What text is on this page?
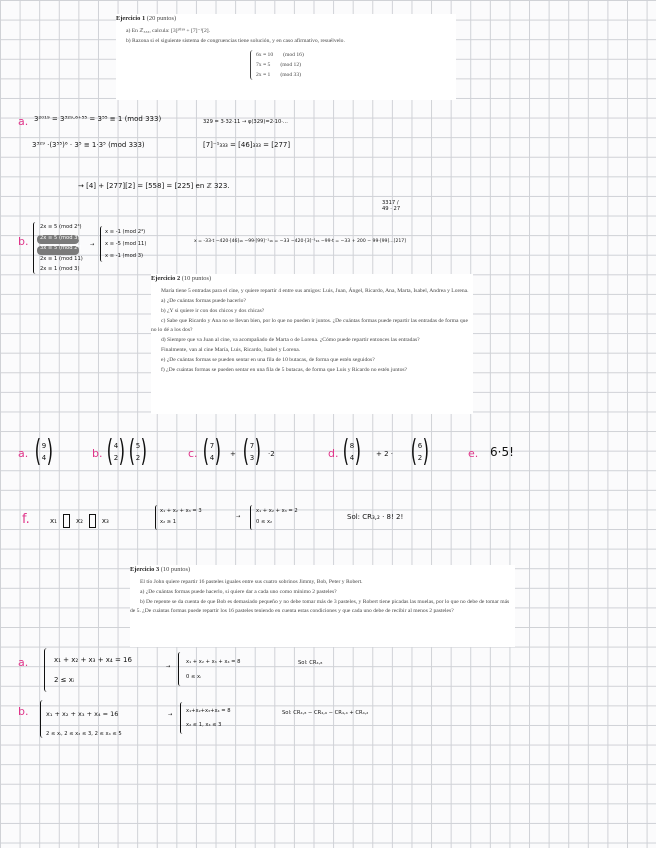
Ejercicio 1 (20 puntos)

a) En ℤ₃₃₃, calcula: [3]²⁰¹⁹ + [7]⁻¹[2].

b) Razona si el siguiente sistema de congruencias tiene solución, y en caso afirmativo, resuélvelo.

6x ≡ 10 (mod 16)
7x ≡ 5 (mod 12)
2x ≡ 1 (mod 33)
a. 3²⁰¹⁹ = 3³²⁹·⁶⁺⁵⁵ = 3⁵⁵ ≡ 1 (mod 333)	329 = 3·32·11 → φ(329)=2·10·...
3³²⁹ ·(3⁵⁵)⁶ · 3⁵ ≡ 1·3⁵ (mod 333)	[7]⁻¹₃₃₃ = [46]₃₃₃ = [277]
→ [4] + [277][2] = [558] = [225] en ℤ 323.
3317 / 49 · 27
b.
2x ≡ 5 (mod 2⁴)
2x ≡ 5 (mod 3)
3x ≡ 5 (mod 2²)
2x ≡ 1 (mod 11)
2x ≡ 1 (mod 3)
→
x ≡ -1 (mod 2⁴)
x ≡ -5 (mod 11)
x ≡ -1 (mod 3)
x = -33·t −420·[46]₁₆ −99·[99]⁻¹₁₆ = −33 −420·[3]⁻¹₁₆ −99·t = −33 + 200 − 99·[99]...[217]

Ejercicio 2 (10 puntos)

María tiene 5 entradas para el cine, y quiere repartir 4 entre sus amigos: Luis, Juan, Ángel, Ricardo, Ana, Marta, Isabel, Andrea y Lorena.

a) ¿De cuántas formas puede hacerlo?

b) ¿Y si quiere ir con dos chicos y dos chicas?

c) Sabe que Ricardo y Ana no se llevan bien, por lo que no pueden ir juntos. ¿De cuántas formas puede repartir las entradas de forma que no lo dé a los dos?

d) Siempre que va Juan al cine, va acompañado de Marta o de Lorena. ¿Cómo puede repartir entonces las entradas?

Finalmente, van al cine María, Luis, Ricardo, Isabel y Lorena.

e) ¿De cuántas formas se pueden sentar en una fila de 10 butacas, de forma que estén seguidos?

f) ¿De cuántas formas se pueden sentar en una fila de 5 butacas, de forma que Luis y Ricardo no estén juntos?

a. ( 9
4 )	b. ( 4
2 ) ( 5
2 )	c. ( 7
4 ) + ( 7
3 ) ·2	d. ( 8
4 ) + 2 · ( 6
2 )	e. 6·5!
f.	x₁	x₂	x₃
x₁ + x₂ + x₃ = 3
x₂ ≥ 1
→
x₁ + x₂ + x₃ = 2
0 ≤ x₂
Sol: CR₃,₂ · 8! 2!

Ejercicio 3 (10 puntos)

El tío John quiere repartir 16 pasteles iguales entre sus cuatro sobrinos Jimmy, Bob, Peter y Robert.

a) ¿De cuántas formas puede hacerlo, si quiere dar a cada uno como mínimo 2 pasteles?

b) De repente se da cuenta de que Bob es demasiado pequeño y no debe tomar más de 3 pasteles, y Robert tiene picadas las muelas, por lo que no debe de tomar más de 5. ¿De cuántas formas puede repartir los 16 pasteles teniendo en cuenta estas condiciones y que cada uno debe de recibir al menos 2 pasteles?

a.	x₁ + x₂ + x₃ + x₄ = 16
2 ≤ xᵢ
→
x₁ + x₂ + x₃ + x₄ = 8
0 ≤ xᵢ
Sol: CR₄,₈
b.	x₁ + x₂ + x₃ + x₄ = 16
2 ≤ xᵢ, 2 ≤ x₂ ≤ 3, 2 ≤ x₄ ≤ 5
→
x₁+x₂+x₃+x₄ = 8
x₂ ≤ 1, x₄ ≤ 3
Sol: CR₄,₈ − CR₄,₆ − CR₄,₄ + CR₄,₂
